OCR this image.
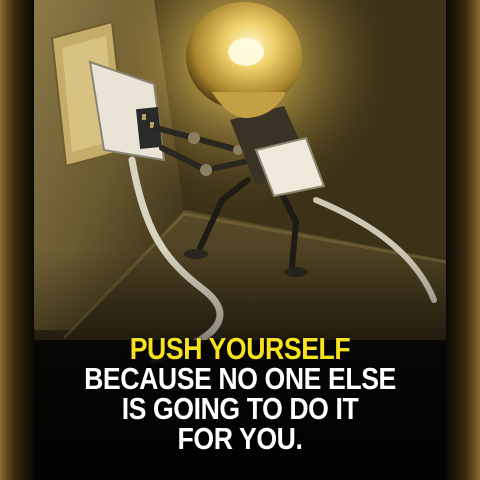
PUSH YOURSELF
BECAUSE NO ONE ELSE
IS GOING TO DO IT
FOR YOU.
